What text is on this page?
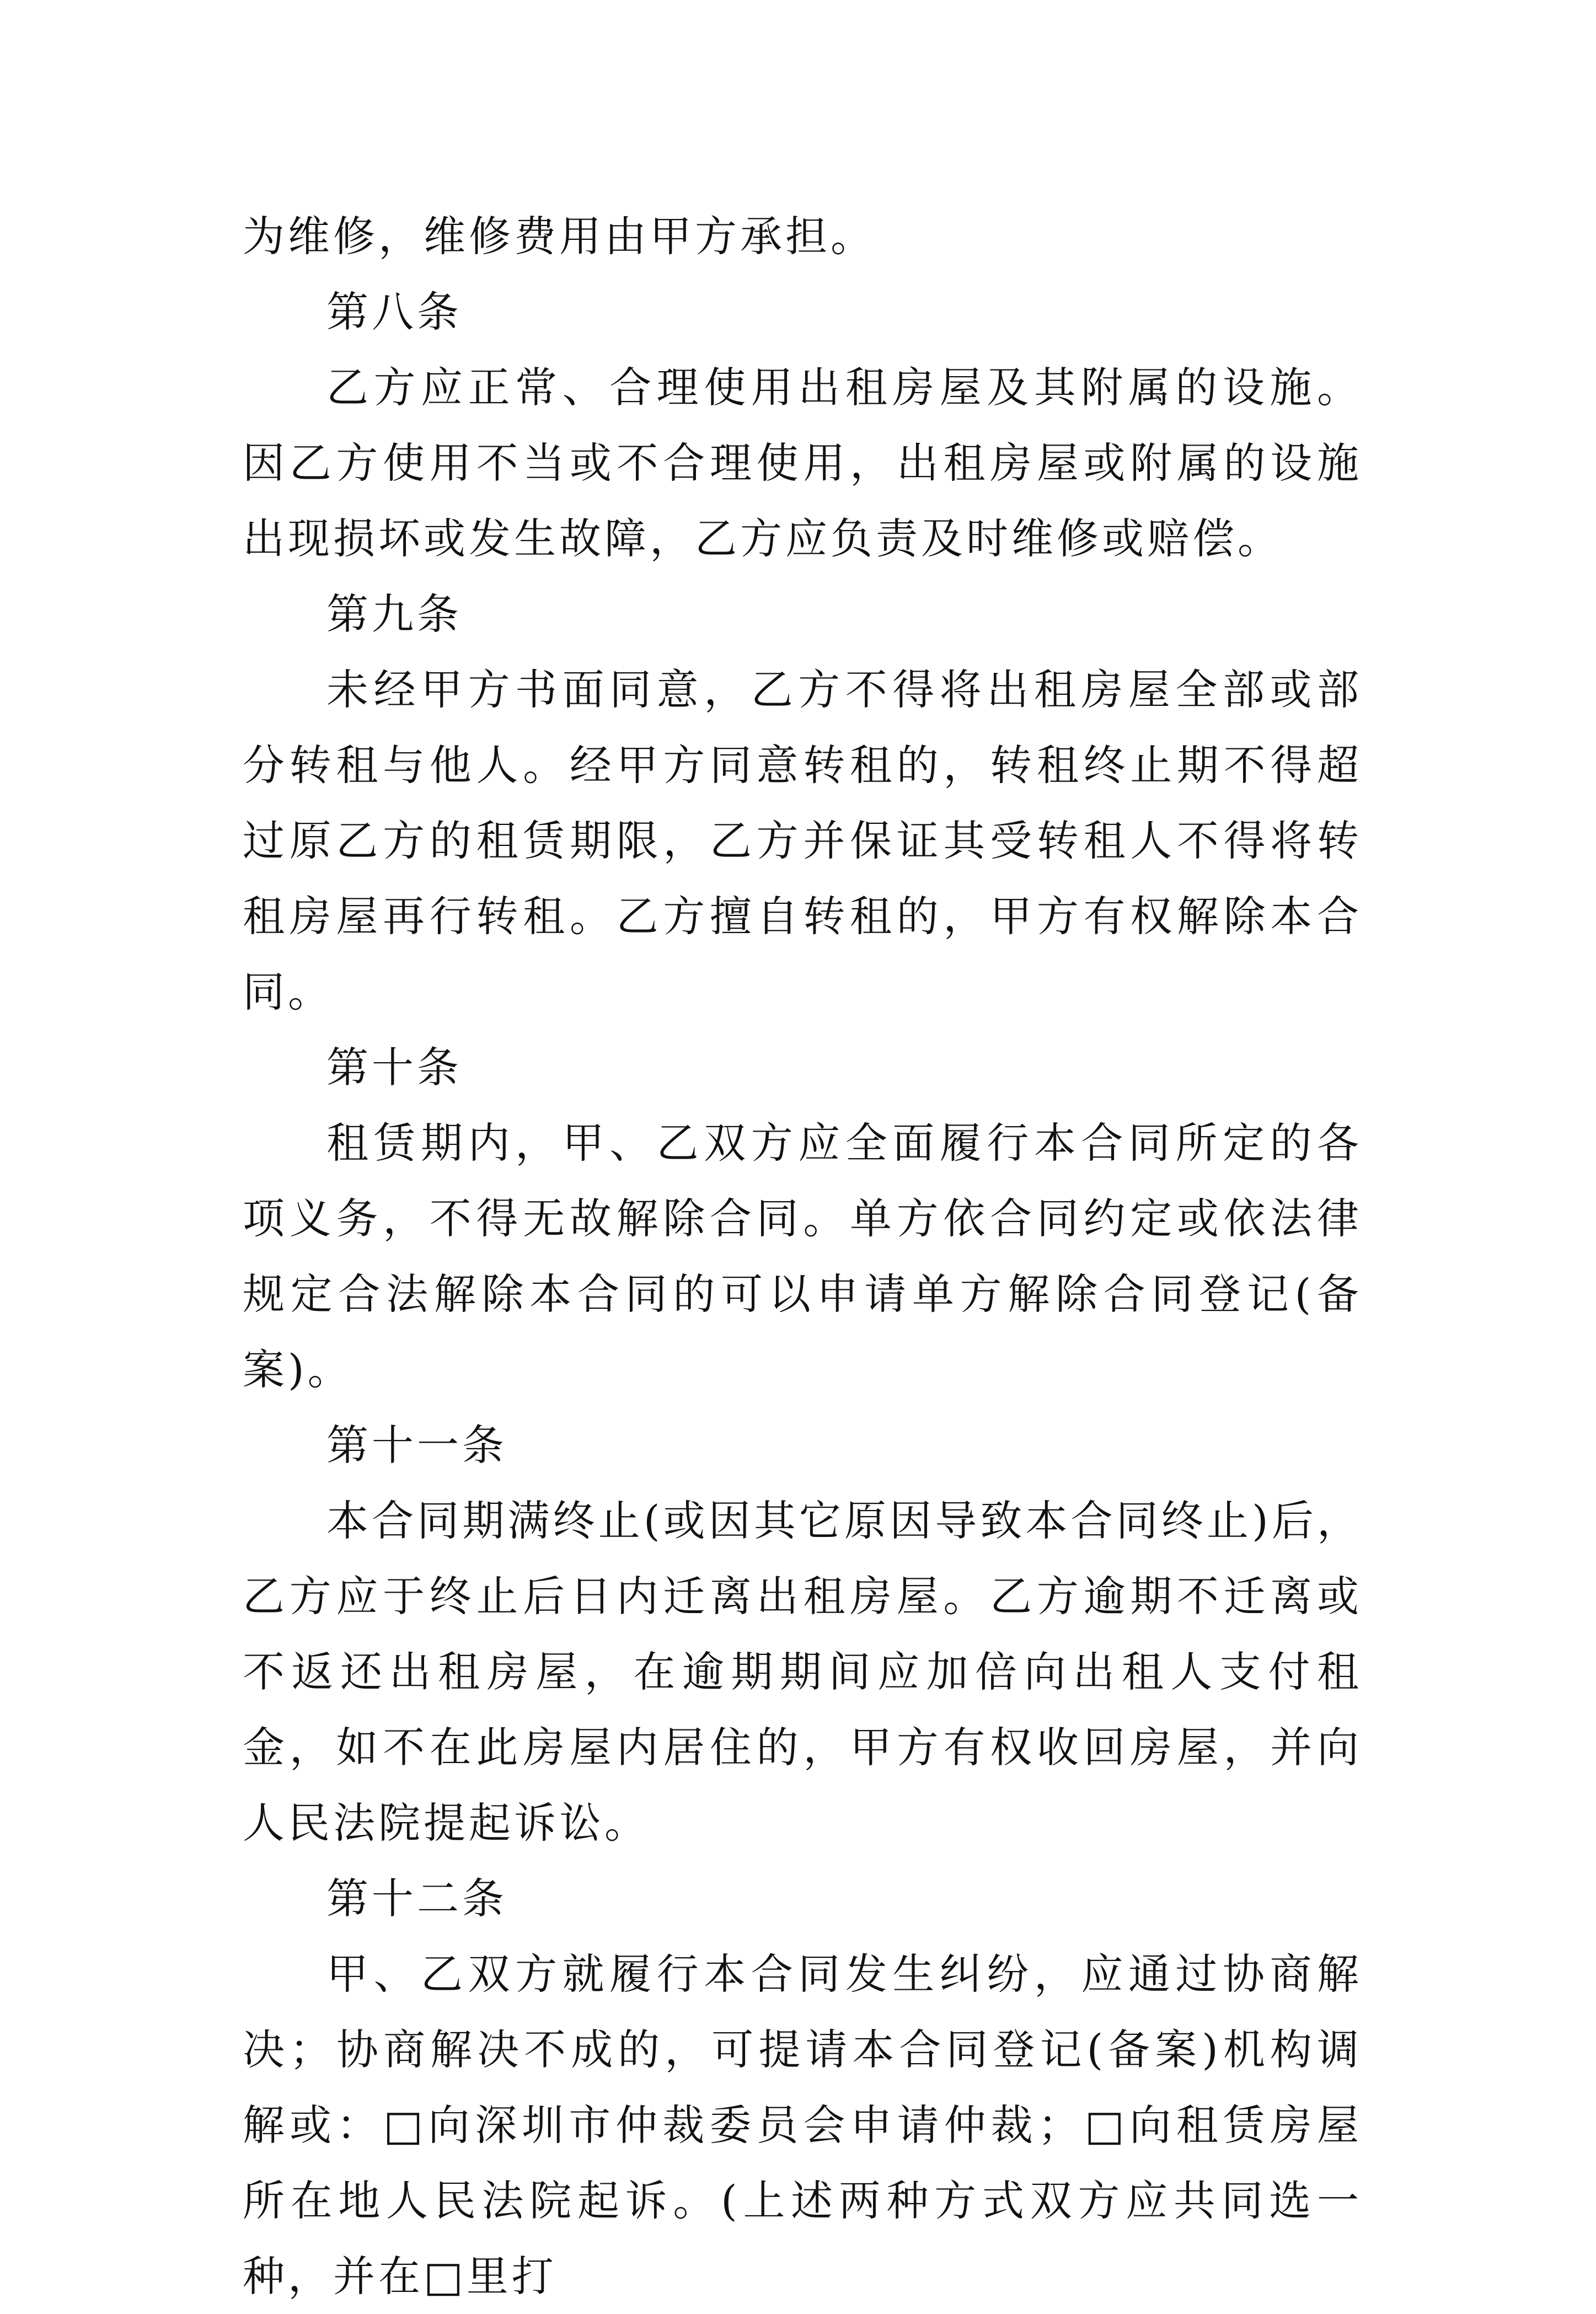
为维修，维修费用由甲方承担。

第八条

乙方应正常、合理使用出租房屋及其附属的设施。因乙方使用不当或不合理使用，出租房屋或附属的设施出现损坏或发生故障，乙方应负责及时维修或赔偿。

第九条

未经甲方书面同意，乙方不得将出租房屋全部或部分转租与他人。经甲方同意转租的，转租终止期不得超过原乙方的租赁期限，乙方并保证其受转租人不得将转租房屋再行转租。乙方擅自转租的，甲方有权解除本合同。

第十条

租赁期内，甲、乙双方应全面履行本合同所定的各项义务，不得无故解除合同。单方依合同约定或依法律规定合法解除本合同的可以申请单方解除合同登记(备案)。

第十一条

本合同期满终止(或因其它原因导致本合同终止)后，乙方应于终止后日内迁离出租房屋。乙方逾期不迁离或不返还出租房屋，在逾期期间应加倍向出租人支付租金，如不在此房屋内居住的，甲方有权收回房屋，并向人民法院提起诉讼。

第十二条

甲、乙双方就履行本合同发生纠纷，应通过协商解决；协商解决不成的，可提请本合同登记(备案)机构调解或：□向深圳市仲裁委员会申请仲裁；□向租赁房屋所在地人民法院起诉。(上述两种方式双方应共同选一种，并在□里打
